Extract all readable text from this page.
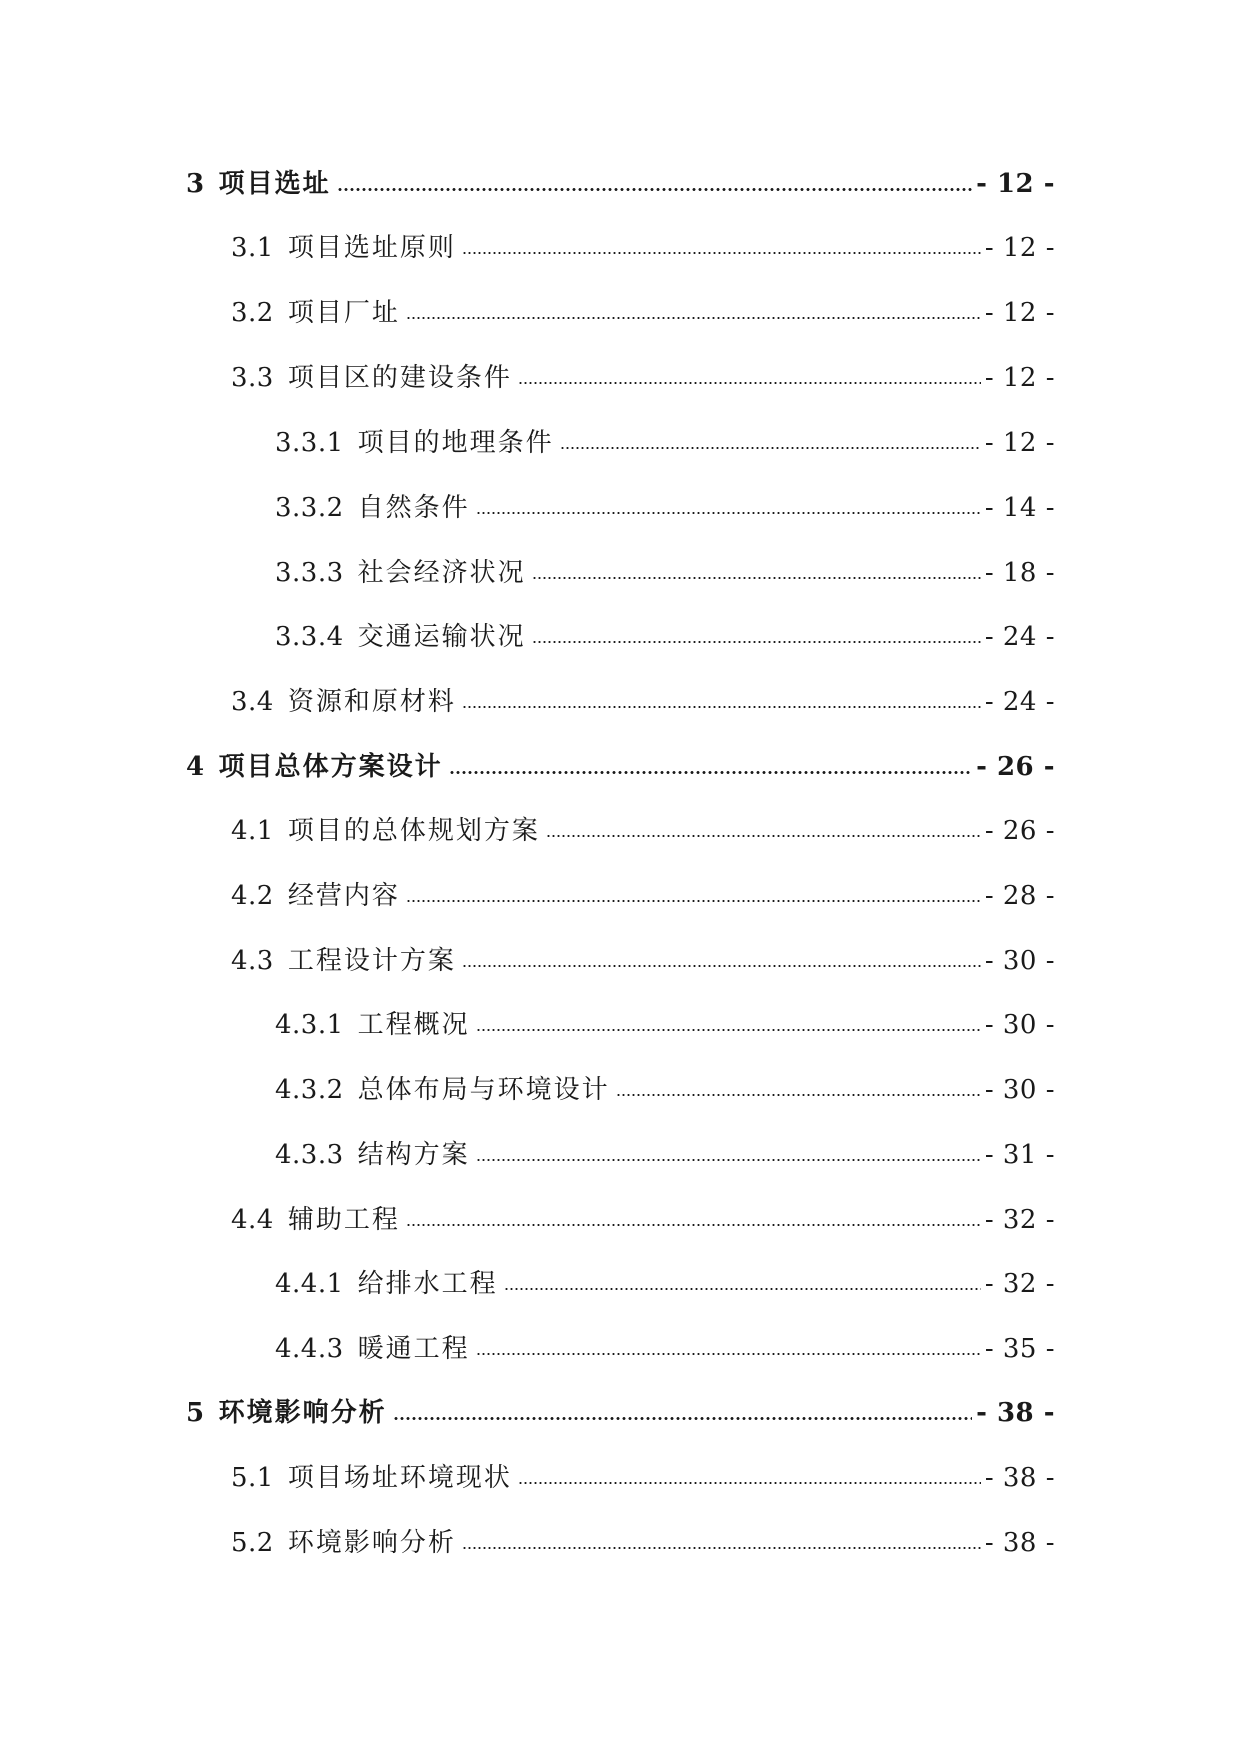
3 项目选址	- 12 -
3.1 项目选址原则	- 12 -
3.2 项目厂址	- 12 -
3.3 项目区的建设条件	- 12 -
3.3.1 项目的地理条件	- 12 -
3.3.2 自然条件	- 14 -
3.3.3 社会经济状况	- 18 -
3.3.4 交通运输状况	- 24 -
3.4 资源和原材料	- 24 -
4 项目总体方案设计	- 26 -
4.1 项目的总体规划方案	- 26 -
4.2 经营内容	- 28 -
4.3 工程设计方案	- 30 -
4.3.1 工程概况	- 30 -
4.3.2 总体布局与环境设计	- 30 -
4.3.3 结构方案	- 31 -
4.4 辅助工程	- 32 -
4.4.1 给排水工程	- 32 -
4.4.3 暖通工程	- 35 -
5 环境影响分析	- 38 -
5.1 项目场址环境现状	- 38 -
5.2 环境影响分析	- 38 -
